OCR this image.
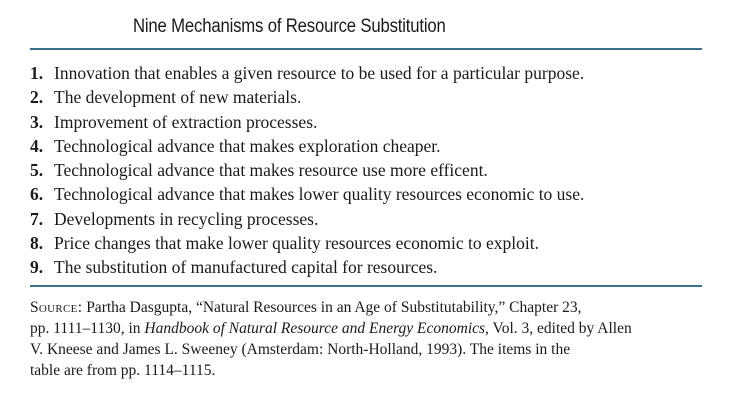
Nine Mechanisms of Resource Substitution
1. Innovation that enables a given resource to be used for a particular purpose.
2. The development of new materials.
3. Improvement of extraction processes.
4. Technological advance that makes exploration cheaper.
5. Technological advance that makes resource use more efficent.
6. Technological advance that makes lower quality resources economic to use.
7. Developments in recycling processes.
8. Price changes that make lower quality resources economic to exploit.
9. The substitution of manufactured capital for resources.
Source: Partha Dasgupta, “Natural Resources in an Age of Substitutability,” Chapter 23,
pp. 1111–1130, in Handbook of Natural Resource and Energy Economics, Vol. 3, edited by Allen
V. Kneese and James L. Sweeney (Amsterdam: North-Holland, 1993). The items in the
table are from pp. 1114–1115.
